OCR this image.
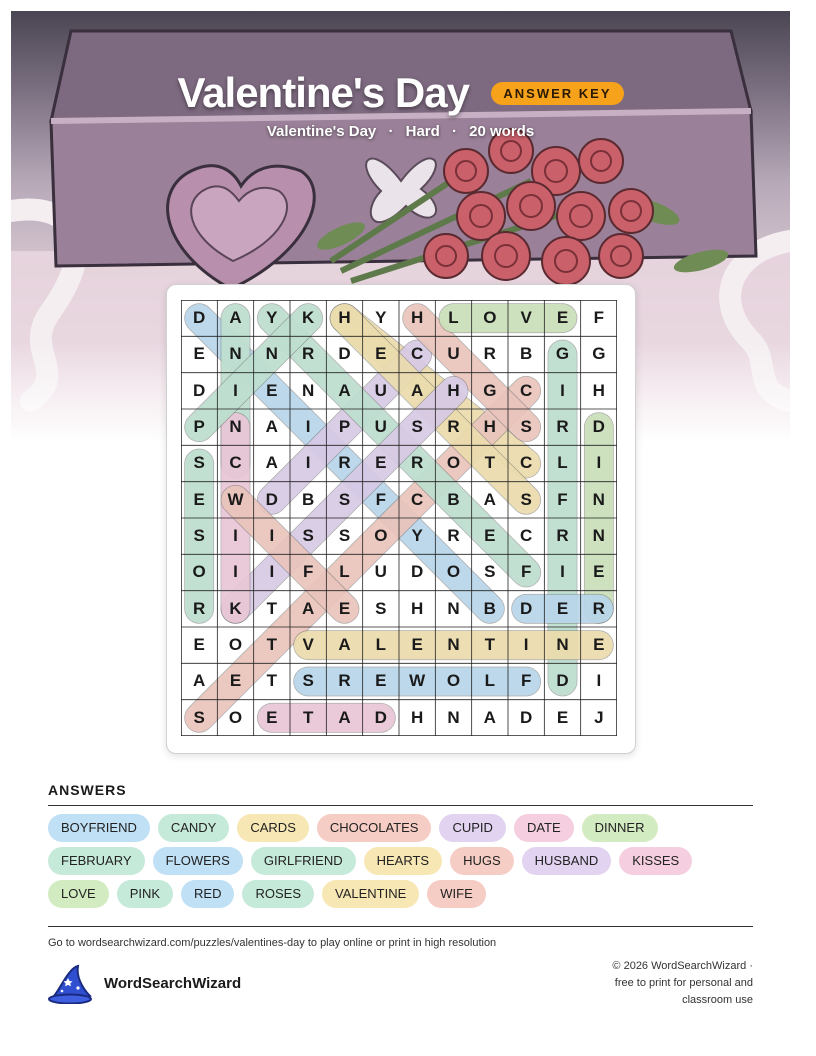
Valentine's Day	ANSWER KEY
Valentine's Day · Hard · 20 words
D	A	Y	K	H	Y	H	L	O	V	E	F
E	N	N	R	D	E	C	U	R	B	G	G
D	I	E	N	A	U	A	H	G	C	I	H
P	N	A	I	P	U	S	R	H	S	R	D
S	C	A	I	R	E	R	O	T	C	L	I
E	W	D	B	S	F	C	B	A	S	F	N
S	I	I	S	S	O	Y	R	E	C	R	N
O	I	I	F	L	U	D	O	S	F	I	E
R	K	T	A	E	S	H	N	B	D	E	R
E	O	T	V	A	L	E	N	T	I	N	E
A	E	T	S	R	E	W	O	L	F	D	I
S	O	E	T	A	D	H	N	A	D	E	J
ANSWERS
BOYFRIEND	CANDY	CARDS	CHOCOLATES	CUPID	DATE	DINNERFEBRUARY	FLOWERS	GIRLFRIEND	HEARTS	HUGS	HUSBAND	KISSESLOVE	PINK	RED	ROSES	VALENTINE	WIFE
Go to wordsearchwizard.com/puzzles/valentines-day to play online or print in high resolution
WordSearchWizard
© 2026 WordSearchWizard ·
free to print for personal and
classroom use
